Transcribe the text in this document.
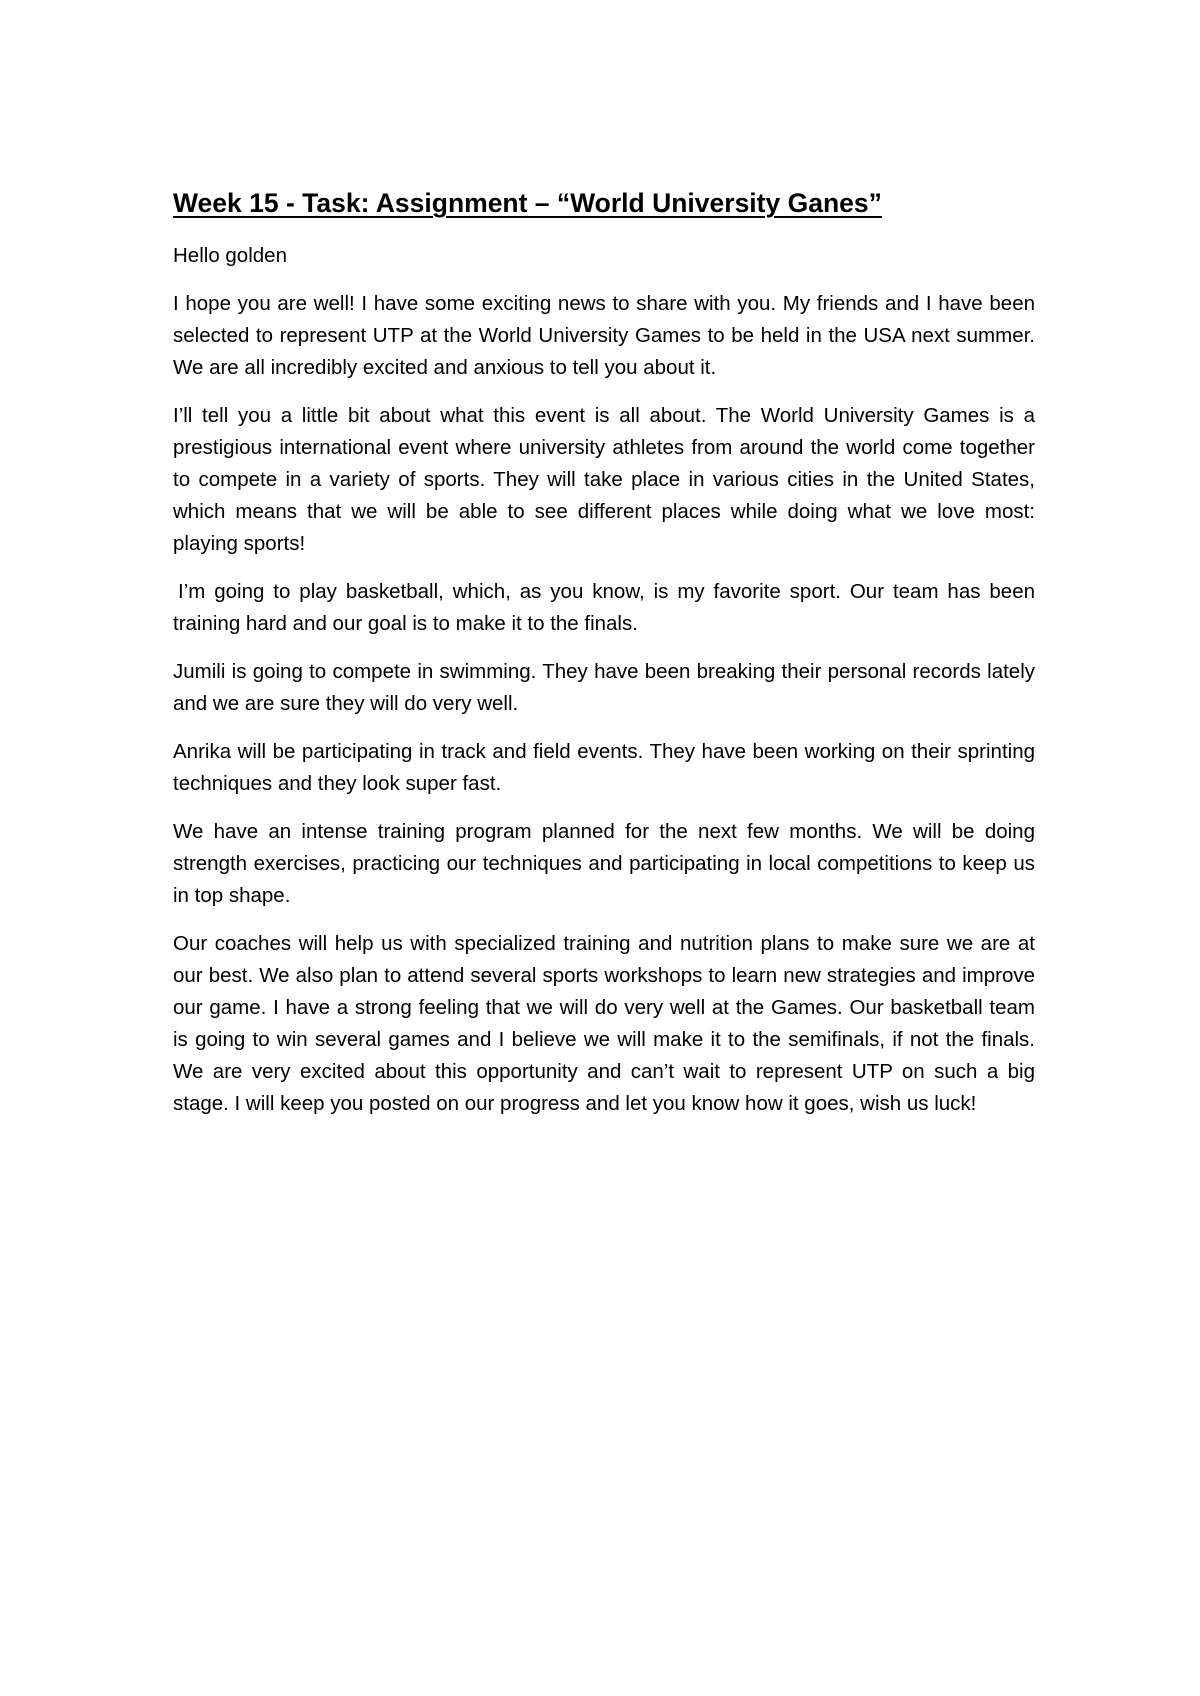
Week 15 - Task: Assignment – “World University Ganes”

Hello golden

I hope you are well! I have some exciting news to share with you. My friends and I have been selected to represent UTP at the World University Games to be held in the USA next summer. We are all incredibly excited and anxious to tell you about it.

I’ll tell you a little bit about what this event is all about. The World University Games is a prestigious international event where university athletes from around the world come together to compete in a variety of sports. They will take place in various cities in the United States, which means that we will be able to see different places while doing what we love most: playing sports!

I’m going to play basketball, which, as you know, is my favorite sport. Our team has been training hard and our goal is to make it to the finals.

Jumili is going to compete in swimming. They have been breaking their personal records lately and we are sure they will do very well.

Anrika will be participating in track and field events. They have been working on their sprinting techniques and they look super fast.

We have an intense training program planned for the next few months. We will be doing strength exercises, practicing our techniques and participating in local competitions to keep us in top shape.

Our coaches will help us with specialized training and nutrition plans to make sure we are at our best. We also plan to attend several sports workshops to learn new strategies and improve our game. I have a strong feeling that we will do very well at the Games. Our basketball team is going to win several games and I believe we will make it to the semifinals, if not the finals. We are very excited about this opportunity and can’t wait to represent UTP on such a big stage. I will keep you posted on our progress and let you know how it goes, wish us luck!
